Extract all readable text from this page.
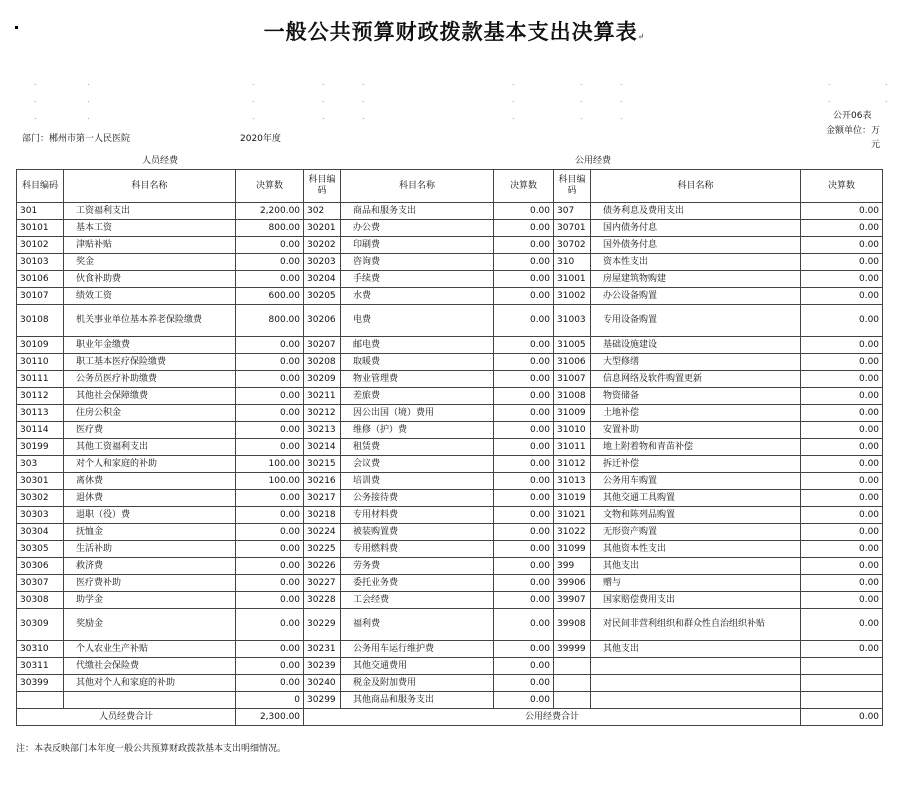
一般公共预算财政拨款基本支出决算表↵
.	.	.	.	.	.	.	.	.	.
.	.	.	.	.	.	.	.	.	.
.	.	.	.	.	.	.	.	公开06表
部门：郴州市第一人民医院	2020年度
金额单位：万元
人员经费			公用经费					
科目编码	科目名称	决算数	科目编码	科目名称	决算数	科目编码	科目名称	决算数
301	工资福利支出	2,200.00	302	商品和服务支出	0.00	307	债务利息及费用支出	0.00
30101	基本工资	800.00	30201	办公费	0.00	30701	国内债务付息	0.00
30102	津贴补贴	0.00	30202	印刷费	0.00	30702	国外债务付息	0.00
30103	奖金	0.00	30203	咨询费	0.00	310	资本性支出	0.00
30106	伙食补助费	0.00	30204	手续费	0.00	31001	房屋建筑物购建	0.00
30107	绩效工资	600.00	30205	水费	0.00	31002	办公设备购置	0.00
30108	机关事业单位基本养老保险缴费	800.00	30206	电费	0.00	31003	专用设备购置	0.00
30109	职业年金缴费	0.00	30207	邮电费	0.00	31005	基础设施建设	0.00
30110	职工基本医疗保险缴费	0.00	30208	取暖费	0.00	31006	大型修缮	0.00
30111	公务员医疗补助缴费	0.00	30209	物业管理费	0.00	31007	信息网络及软件购置更新	0.00
30112	其他社会保障缴费	0.00	30211	差旅费	0.00	31008	物资储备	0.00
30113	住房公积金	0.00	30212	因公出国（境）费用	0.00	31009	土地补偿	0.00
30114	医疗费	0.00	30213	维修（护）费	0.00	31010	安置补助	0.00
30199	其他工资福利支出	0.00	30214	租赁费	0.00	31011	地上附着物和青苗补偿	0.00
303	对个人和家庭的补助	100.00	30215	会议费	0.00	31012	拆迁补偿	0.00
30301	离休费	100.00	30216	培训费	0.00	31013	公务用车购置	0.00
30302	退休费	0.00	30217	公务接待费	0.00	31019	其他交通工具购置	0.00
30303	退职（役）费	0.00	30218	专用材料费	0.00	31021	文物和陈列品购置	0.00
30304	抚恤金	0.00	30224	被装购置费	0.00	31022	无形资产购置	0.00
30305	生活补助	0.00	30225	专用燃料费	0.00	31099	其他资本性支出	0.00
30306	救济费	0.00	30226	劳务费	0.00	399	其他支出	0.00
30307	医疗费补助	0.00	30227	委托业务费	0.00	39906	赠与	0.00
30308	助学金	0.00	30228	工会经费	0.00	39907	国家赔偿费用支出	0.00
30309	奖励金	0.00	30229	福利费	0.00	39908	对民间非营利组织和群众性自治组织补贴	0.00
30310	个人农业生产补贴	0.00	30231	公务用车运行维护费	0.00	39999	其他支出	0.00
30311	代缴社会保险费	0.00	30239	其他交通费用	0.00			
30399	其他对个人和家庭的补助	0.00	30240	税金及附加费用	0.00			
		0	30299	其他商品和服务支出	0.00			
人员经费合计		2,300.00	公用经费合计					0.00
注：本表反映部门本年度一般公共预算财政拨款基本支出明细情况。
